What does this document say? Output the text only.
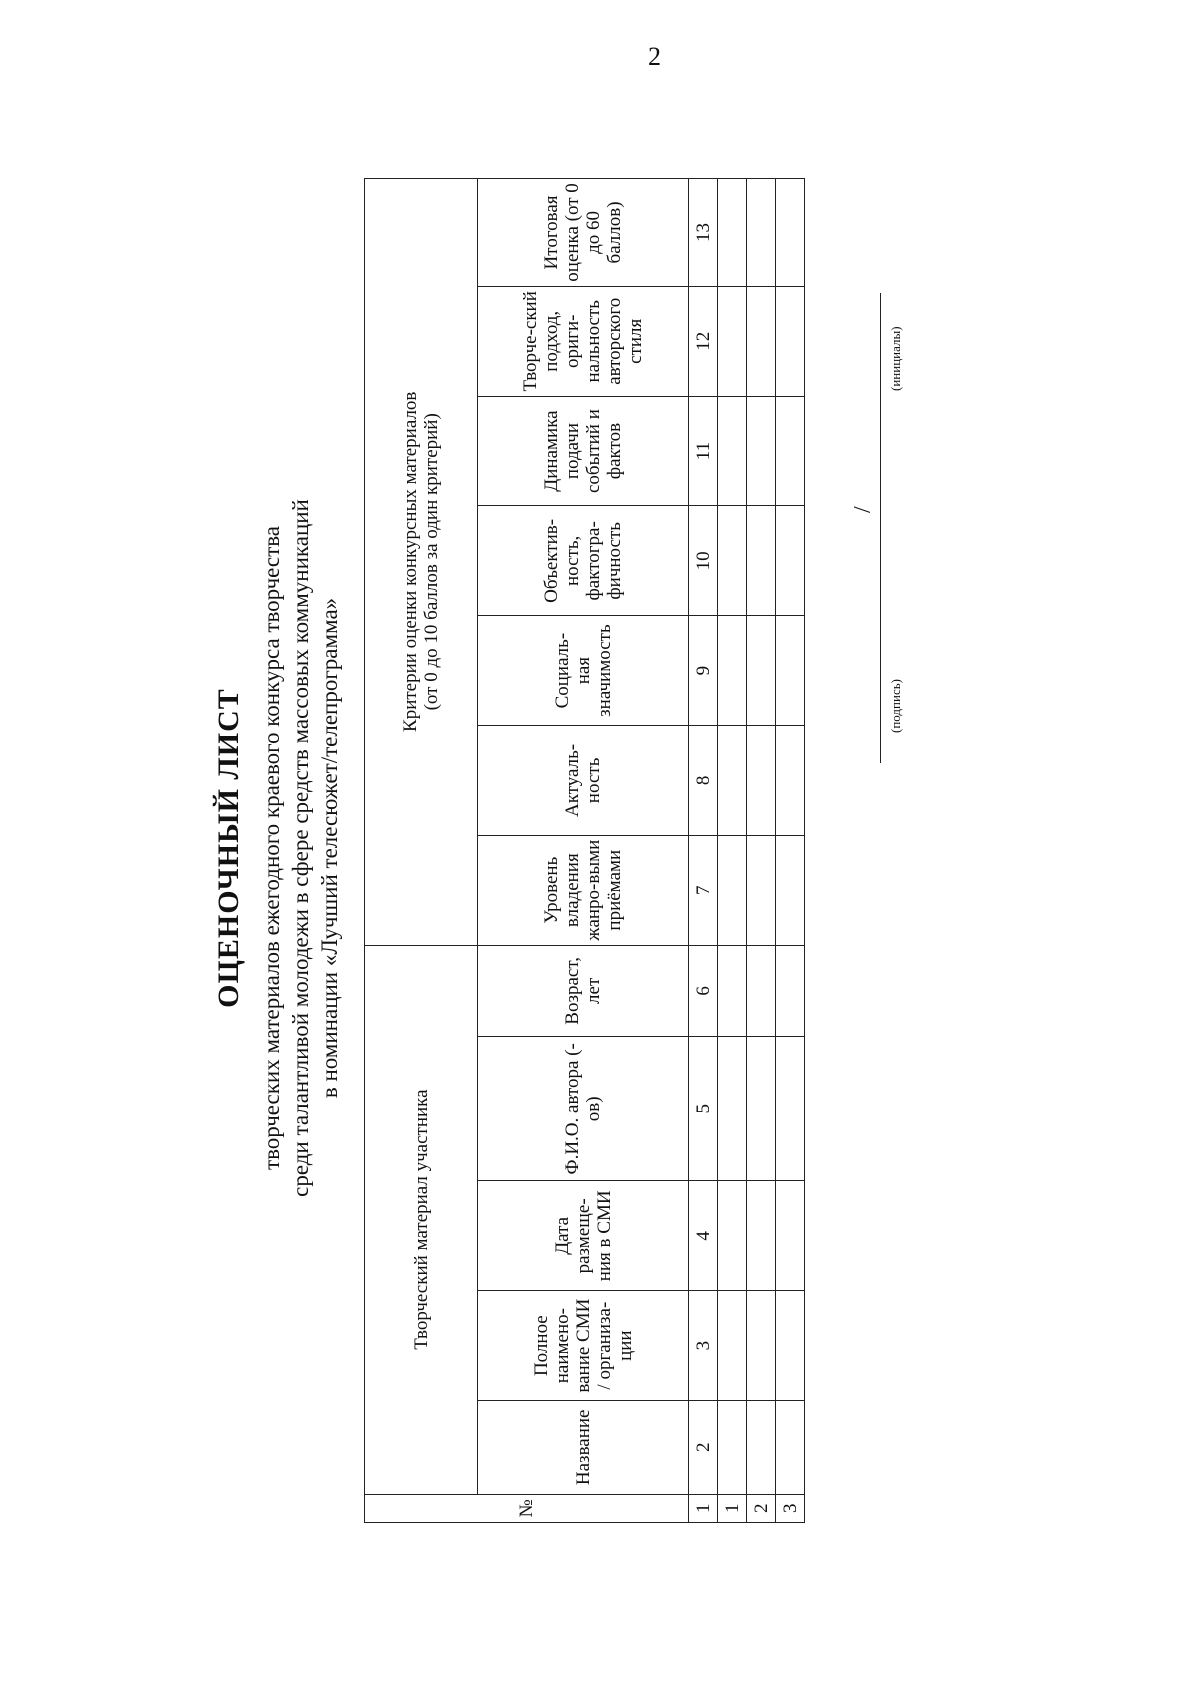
2
ОЦЕНОЧНЫЙ ЛИСТ творческих материалов ежегодного краевого конкурса творчества среди талантливой молодежи в сфере средств массовых коммуникаций в номинации «Лучший телесюжет/телепрограмма»
№	Творческий материал участника					Критерии оценки конкурсных материалов (от 0 до 10 баллов за один критерий)						

	Название	Полное наимено-вание СМИ / организа-ции	Дата размеще-ния в СМИ	Ф.И.О. автора (-ов)	Возраст, лет	Уровень владения жанро-выми приёмами	Актуаль-ность	Социаль-ная значимость	Объектив-ность, фактогра-фичность	Динамика подачи событий и фактов	Творче-ский подход, ориги-нальность авторского стиля	Итоговая оценка (от 0 до 60 баллов)
1	2	3	4	5	6	7	8	9	10	11	12	13
1												
2												
3												
/
(подпись)
(инициалы)
